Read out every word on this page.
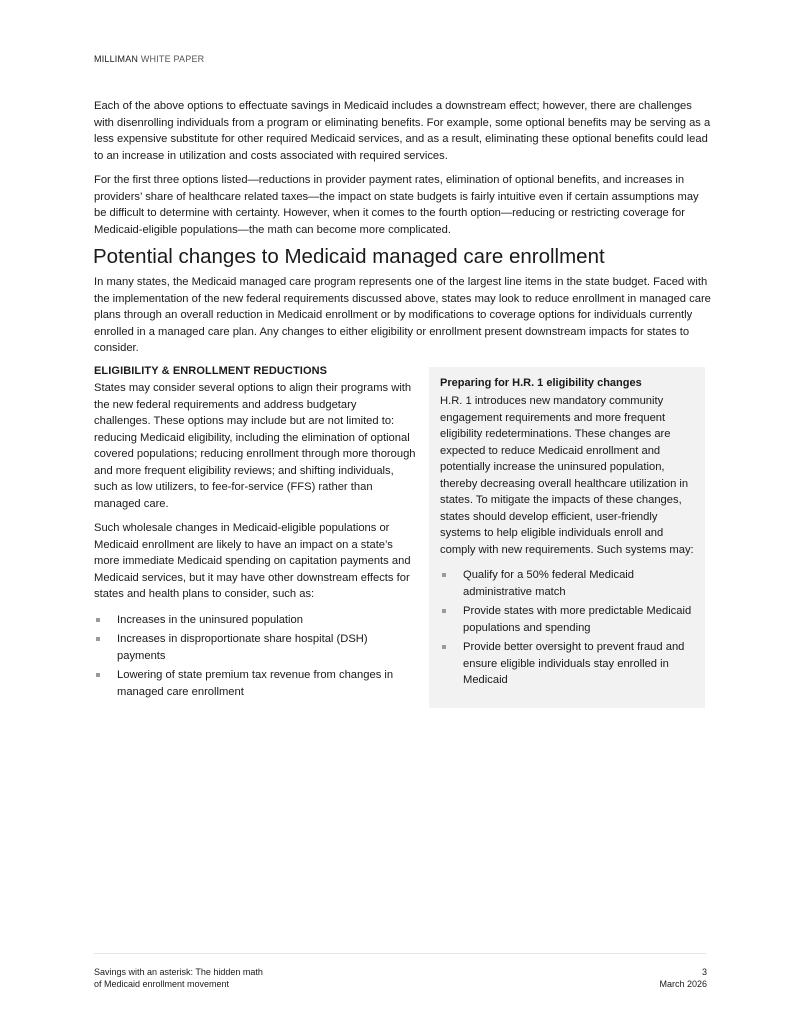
MILLIMAN WHITE PAPER

Each of the above options to effectuate savings in Medicaid includes a downstream effect; however, there are challenges with disenrolling individuals from a program or eliminating benefits. For example, some optional benefits may be serving as a less expensive substitute for other required Medicaid services, and as a result, eliminating these optional benefits could lead to an increase in utilization and costs associated with required services.

For the first three options listed—reductions in provider payment rates, elimination of optional benefits, and increases in providers’ share of healthcare related taxes—the impact on state budgets is fairly intuitive even if certain assumptions may be difficult to determine with certainty. However, when it comes to the fourth option—reducing or restricting coverage for Medicaid-eligible populations—the math can become more complicated.

Potential changes to Medicaid managed care enrollment

In many states, the Medicaid managed care program represents one of the largest line items in the state budget. Faced with the implementation of the new federal requirements discussed above, states may look to reduce enrollment in managed care plans through an overall reduction in Medicaid enrollment or by modifications to coverage options for individuals currently enrolled in a managed care plan. Any changes to either eligibility or enrollment present downstream impacts for states to consider.

ELIGIBILITY & ENROLLMENT REDUCTIONS

States may consider several options to align their programs with the new federal requirements and address budgetary challenges. These options may include but are not limited to: reducing Medicaid eligibility, including the elimination of optional covered populations; reducing enrollment through more thorough and more frequent eligibility reviews; and shifting individuals, such as low utilizers, to fee-for-service (FFS) rather than managed care.

Such wholesale changes in Medicaid-eligible populations or Medicaid enrollment are likely to have an impact on a state’s more immediate Medicaid spending on capitation payments and Medicaid services, but it may have other downstream effects for states and health plans to consider, such as:

Increases in the uninsured population
Increases in disproportionate share hospital (DSH) payments
Lowering of state premium tax revenue from changes in managed care enrollment

Preparing for H.R. 1 eligibility changes

H.R. 1 introduces new mandatory community engagement requirements and more frequent eligibility redeterminations. These changes are expected to reduce Medicaid enrollment and potentially increase the uninsured population, thereby decreasing overall healthcare utilization in states. To mitigate the impacts of these changes, states should develop efficient, user-friendly systems to help eligible individuals enroll and comply with new requirements. Such systems may:

Qualify for a 50% federal Medicaid administrative match
Provide states with more predictable Medicaid populations and spending
Provide better oversight to prevent fraud and ensure eligible individuals stay enrolled in Medicaid
Savings with an asterisk: The hidden math
of Medicaid enrollment movement
3
March 2026
